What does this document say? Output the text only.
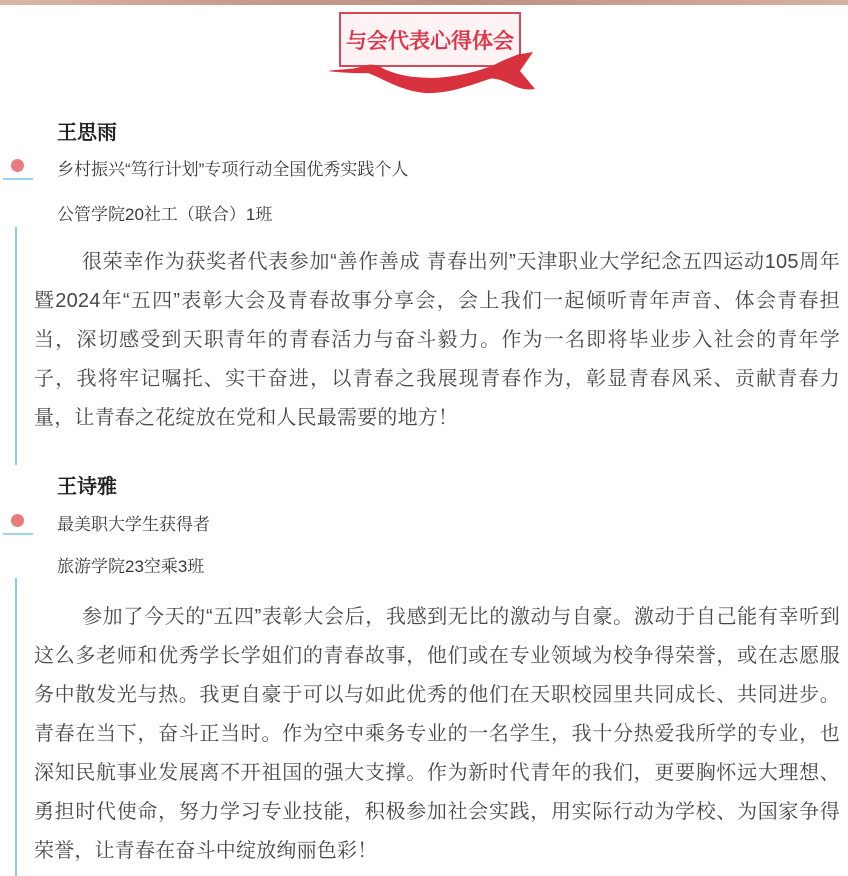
与会代表心得体会
王思雨
乡村振兴“笃行计划”专项行动全国优秀实践个人
公管学院20社工（联合）1班

很荣幸作为获奖者代表参加“善作善成 青春出列”天津职业大学纪念五四运动105周年暨2024年“五四”表彰大会及青春故事分享会，会上我们一起倾听青年声音、体会青春担当，深切感受到天职青年的青春活力与奋斗毅力。作为一名即将毕业步入社会的青年学子，我将牢记嘱托、实干奋进，以青春之我展现青春作为，彰显青春风采、贡献青春力量，让青春之花绽放在党和人民最需要的地方！

王诗雅
最美职大学生获得者
旅游学院23空乘3班

参加了今天的“五四”表彰大会后，我感到无比的激动与自豪。激动于自己能有幸听到这么多老师和优秀学长学姐们的青春故事，他们或在专业领域为校争得荣誉，或在志愿服务中散发光与热。我更自豪于可以与如此优秀的他们在天职校园里共同成长、共同进步。青春在当下，奋斗正当时。作为空中乘务专业的一名学生，我十分热爱我所学的专业，也深知民航事业发展离不开祖国的强大支撑。作为新时代青年的我们，更要胸怀远大理想、勇担时代使命，努力学习专业技能，积极参加社会实践，用实际行动为学校、为国家争得荣誉，让青春在奋斗中绽放绚丽色彩！
